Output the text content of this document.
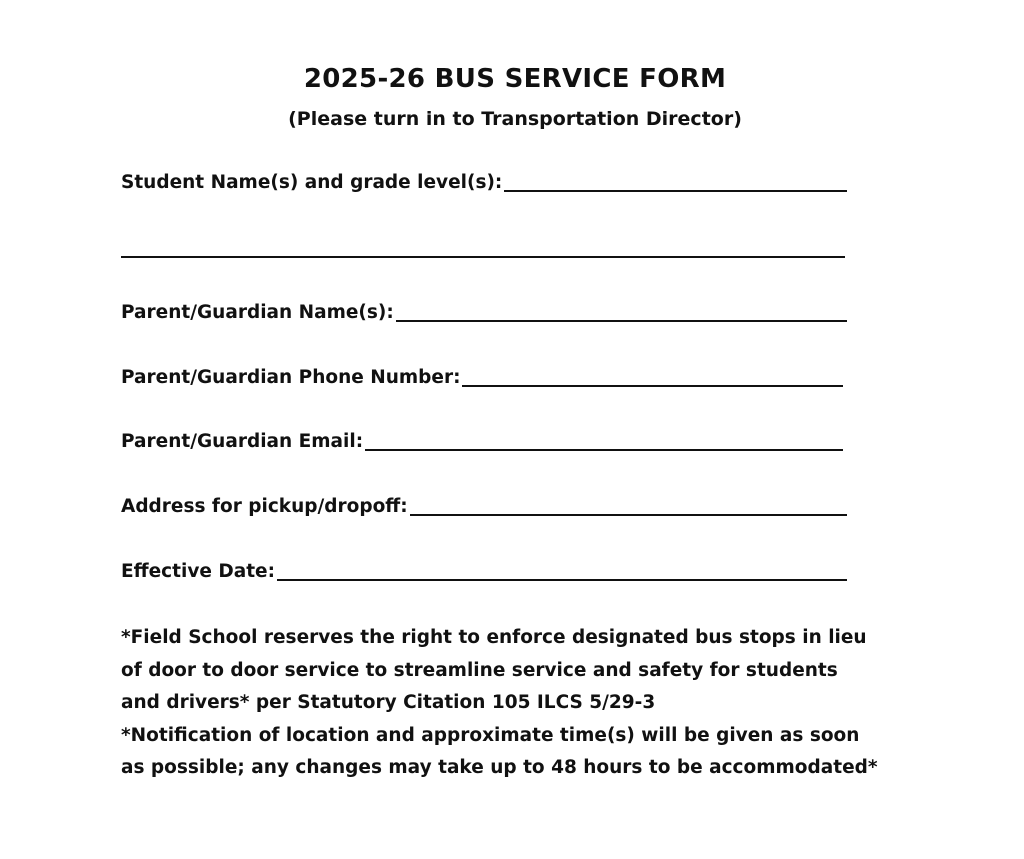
2025-26 BUS SERVICE FORM
(Please turn in to Transportation Director)
Student Name(s) and grade level(s):
Parent/Guardian Name(s):
Parent/Guardian Phone Number:
Parent/Guardian Email:
Address for pickup/dropoff:
Effective Date:

*Field School reserves the right to enforce designated bus stops in lieu of door to door service to streamline service and safety for students and drivers* per Statutory Citation 105 ILCS 5/29-3

*Notification of location and approximate time(s) will be given as soon as possible; any changes may take up to 48 hours to be accommodated*
